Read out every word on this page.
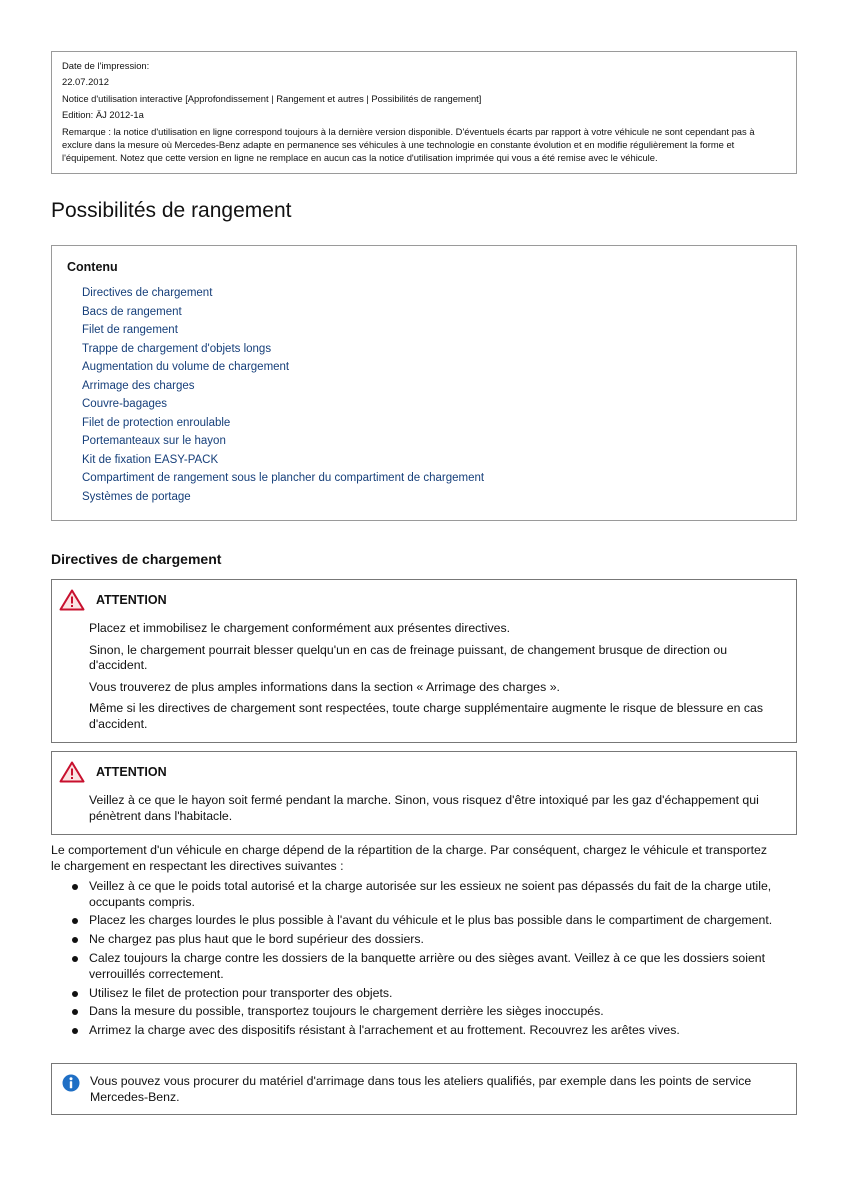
Date de l'impression:
22.07.2012
Notice d'utilisation interactive [Approfondissement | Rangement et autres | Possibilités de rangement]
Edition: ÄJ 2012-1a
Remarque : la notice d'utilisation en ligne correspond toujours à la dernière version disponible. D'éventuels écarts par rapport à votre véhicule ne sont cependant pas à exclure dans la mesure où Mercedes-Benz adapte en permanence ses véhicules à une technologie en constante évolution et en modifie régulièrement la forme et l'équipement. Notez que cette version en ligne ne remplace en aucun cas la notice d'utilisation imprimée qui vous a été remise avec le véhicule.
Possibilités de rangement
Contenu
Directives de chargement
Bacs de rangement
Filet de rangement
Trappe de chargement d'objets longs
Augmentation du volume de chargement
Arrimage des charges
Couvre-bagages
Filet de protection enroulable
Portemanteaux sur le hayon
Kit de fixation EASY-PACK
Compartiment de rangement sous le plancher du compartiment de chargement
Systèmes de portage
Directives de chargement
ATTENTION

Placez et immobilisez le chargement conformément aux présentes directives.

Sinon, le chargement pourrait blesser quelqu'un en cas de freinage puissant, de changement brusque de direction ou d'accident.

Vous trouverez de plus amples informations dans la section « Arrimage des charges ».

Même si les directives de chargement sont respectées, toute charge supplémentaire augmente le risque de blessure en cas d'accident.

ATTENTION

Veillez à ce que le hayon soit fermé pendant la marche. Sinon, vous risquez d'être intoxiqué par les gaz d'échappement qui pénètrent dans l'habitacle.

Le comportement d'un véhicule en charge dépend de la répartition de la charge. Par conséquent, chargez le véhicule et transportez le chargement en respectant les directives suivantes :

Veillez à ce que le poids total autorisé et la charge autorisée sur les essieux ne soient pas dépassés du fait de la charge utile, occupants compris.
Placez les charges lourdes le plus possible à l'avant du véhicule et le plus bas possible dans le compartiment de chargement.
Ne chargez pas plus haut que le bord supérieur des dossiers.
Calez toujours la charge contre les dossiers de la banquette arrière ou des sièges avant. Veillez à ce que les dossiers soient verrouillés correctement.
Utilisez le filet de protection pour transporter des objets.
Dans la mesure du possible, transportez toujours le chargement derrière les sièges inoccupés.
Arrimez la charge avec des dispositifs résistant à l'arrachement et au frottement. Recouvrez les arêtes vives.
Vous pouvez vous procurer du matériel d'arrimage dans tous les ateliers qualifiés, par exemple dans les points de service Mercedes-Benz.
